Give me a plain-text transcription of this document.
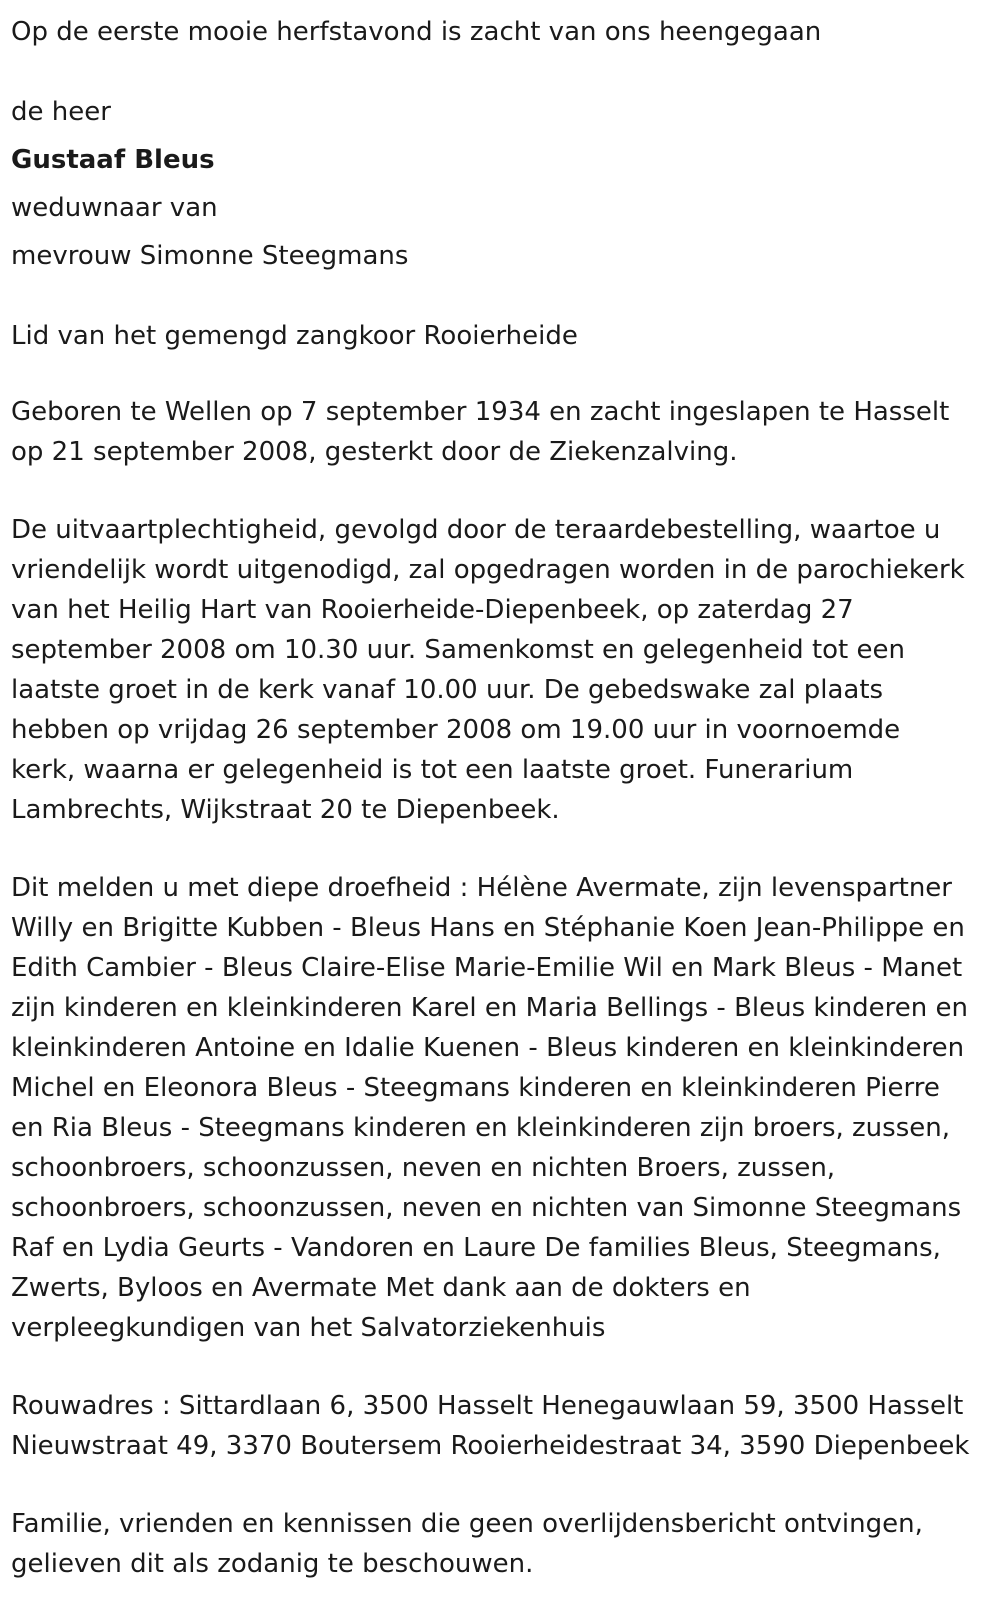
Op de eerste mooie herfstavond is zacht van ons heengegaan

de heer

Gustaaf Bleus

weduwnaar van

mevrouw Simonne Steegmans

Lid van het gemengd zangkoor Rooierheide

Geboren te Wellen op 7 september 1934 en zacht ingeslapen te Hasselt

op 21 september 2008, gesterkt door de Ziekenzalving.

De uitvaartplechtigheid, gevolgd door de teraardebestelling, waartoe u

vriendelijk wordt uitgenodigd, zal opgedragen worden in de parochiekerk

van het Heilig Hart van Rooierheide-Diepenbeek, op zaterdag 27

september 2008 om 10.30 uur. Samenkomst en gelegenheid tot een

laatste groet in de kerk vanaf 10.00 uur. De gebedswake zal plaats

hebben op vrijdag 26 september 2008 om 19.00 uur in voornoemde

kerk, waarna er gelegenheid is tot een laatste groet. Funerarium

Lambrechts, Wijkstraat 20 te Diepenbeek.

Dit melden u met diepe droefheid : Hélène Avermate, zijn levenspartner

Willy en Brigitte Kubben - Bleus Hans en Stéphanie Koen Jean-Philippe en

Edith Cambier - Bleus Claire-Elise Marie-Emilie Wil en Mark Bleus - Manet

zijn kinderen en kleinkinderen Karel en Maria Bellings - Bleus kinderen en

kleinkinderen Antoine en Idalie Kuenen - Bleus kinderen en kleinkinderen

Michel en Eleonora Bleus - Steegmans kinderen en kleinkinderen Pierre

en Ria Bleus - Steegmans kinderen en kleinkinderen zijn broers, zussen,

schoonbroers, schoonzussen, neven en nichten Broers, zussen,

schoonbroers, schoonzussen, neven en nichten van Simonne Steegmans

Raf en Lydia Geurts - Vandoren en Laure De families Bleus, Steegmans,

Zwerts, Byloos en Avermate Met dank aan de dokters en

verpleegkundigen van het Salvatorziekenhuis

Rouwadres : Sittardlaan 6, 3500 Hasselt Henegauwlaan 59, 3500 Hasselt

Nieuwstraat 49, 3370 Boutersem Rooierheidestraat 34, 3590 Diepenbeek

Familie, vrienden en kennissen die geen overlijdensbericht ontvingen,

gelieven dit als zodanig te beschouwen.
